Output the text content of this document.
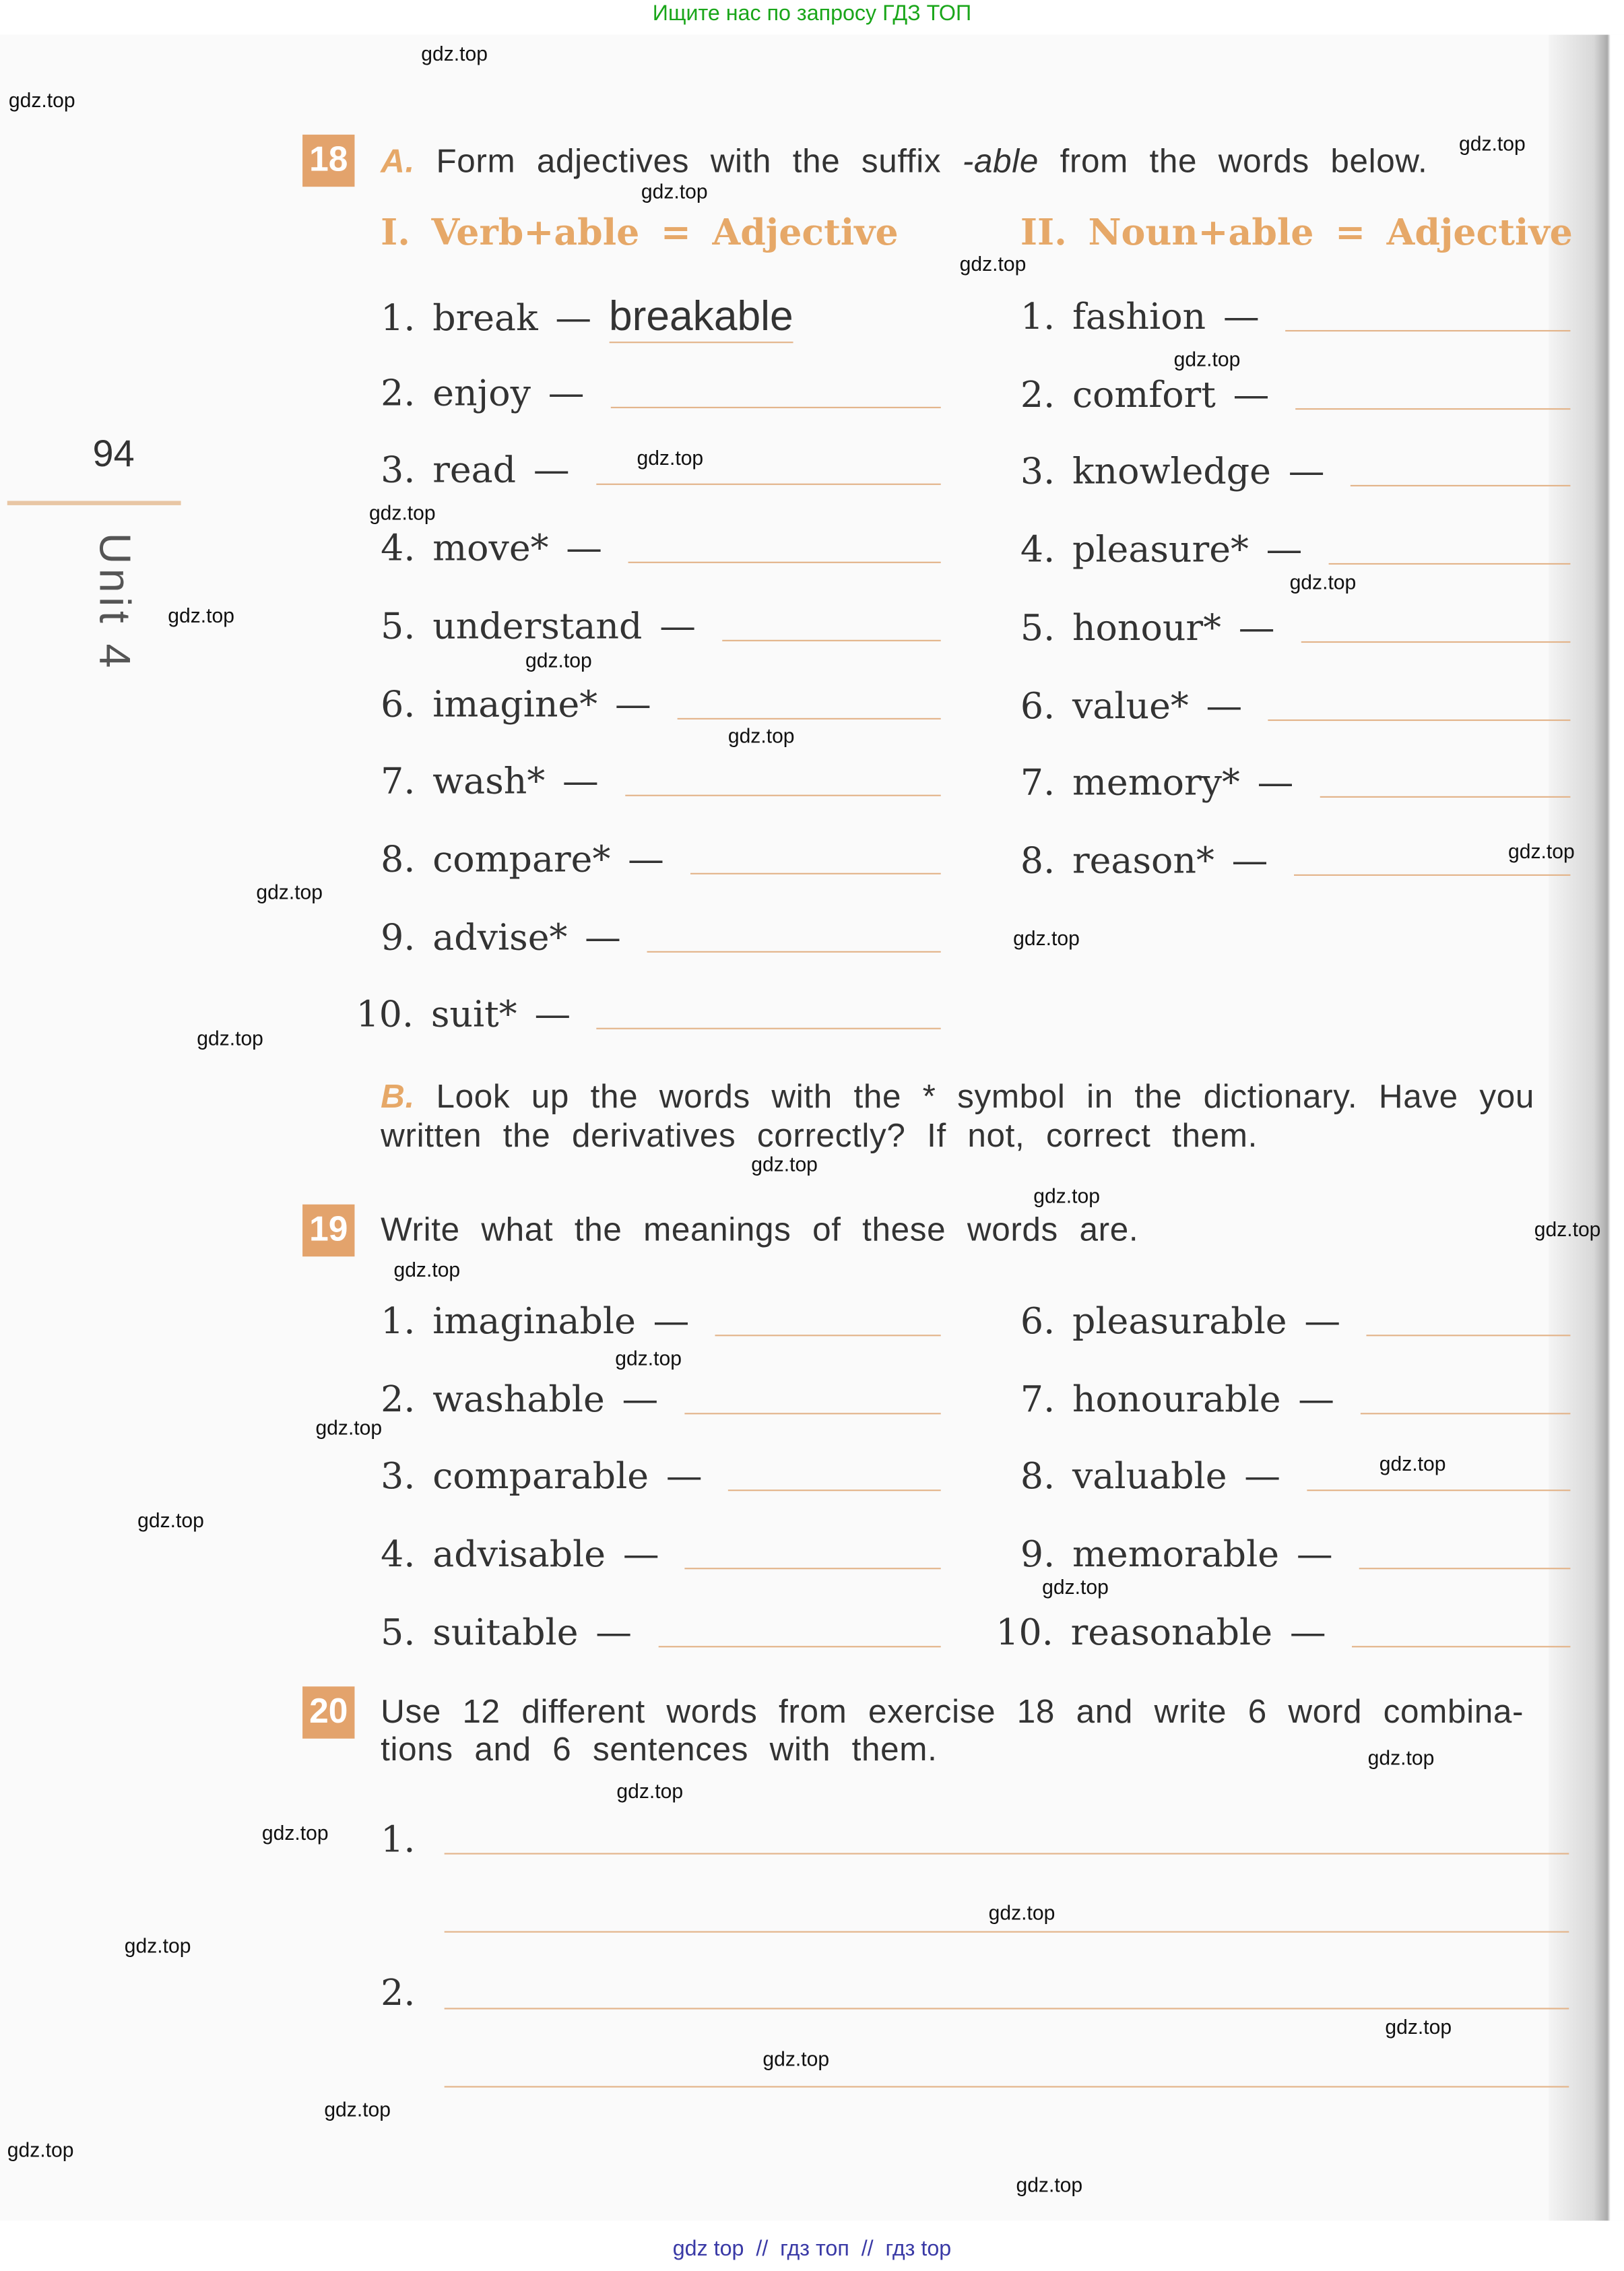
Ищите нас по запросу ГДЗ ТОП
94
Unit 4
18	A. Form adjectives with the suffix -able from the words below.
I. Verb+able = Adjective	II. Noun+able = Adjective
1. break — breakable
2. enjoy —
3. read —
4. move* —
5. understand —
6. imagine* —
7. wash* —
8. compare* —
9. advise* —
10. suit* —
1. fashion —
2. comfort —
3. knowledge —
4. pleasure* —
5. honour* —
6. value* —
7. memory* —
8. reason* —
B. Look up the words with the * symbol in the dictionary. Have you
written the derivatives correctly? If not, correct them.
19	Write what the meanings of these words are.
1. imaginable —
2. washable —
3. comparable —
4. advisable —
5. suitable —
6. pleasurable —
7. honourable —
8. valuable —
9. memorable —
10. reasonable —
20	Use 12 different words from exercise 18 and write 6 word combina-
tions and 6 sentences with them.
1.
2.
gdz.top
gdz.top
gdz.top
gdz.top
gdz.top
gdz.top
gdz.top
gdz.top
gdz.top
gdz.top
gdz.top
gdz.top
gdz.top
gdz.top
gdz.top
gdz.top
gdz.top
gdz.top
gdz.top
gdz.top
gdz.top
gdz.top
gdz.top
gdz.top
gdz.top
gdz.top
gdz.top
gdz.top
gdz.top
gdz.top
gdz.top
gdz.top
gdz.top
gdz.top
gdz.top
gdz top  //  гдз топ  //  гдз top
